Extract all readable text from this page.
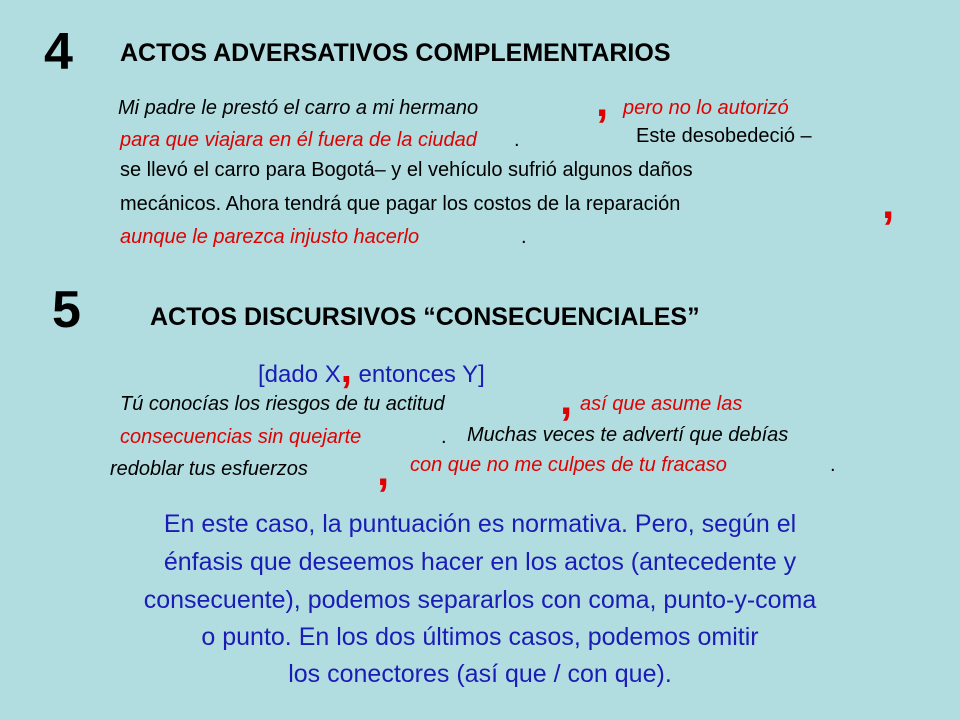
4 ACTOS ADVERSATIVOS COMPLEMENTARIOS
Mi padre le prestó el carro a mi hermano	, pero no lo autorizó
para que viajara en él fuera de la ciudad .	Este desobedeció –
se llevó el carro para Bogotá– y el vehículo sufrió algunos daños
mecánicos. Ahora tendrá que pagar los costos de la reparación	,
aunque le parezca injusto hacerlo	.
5	ACTOS DISCURSIVOS “CONSECUENCIALES”
[dado X, entonces Y]
Tú conocías los riesgos de tu actitud	, así que asume las
consecuencias sin quejarte	. Muchas veces te advertí que debías
redoblar tus esfuerzos , con que no me culpes de tu fracaso	.
En este caso, la puntuación es normativa. Pero, según el
énfasis que deseemos hacer en los actos (antecedente y
consecuente), podemos separarlos con coma, punto-y-coma
o punto. En los dos últimos casos, podemos omitir
los conectores (así que / con que).
